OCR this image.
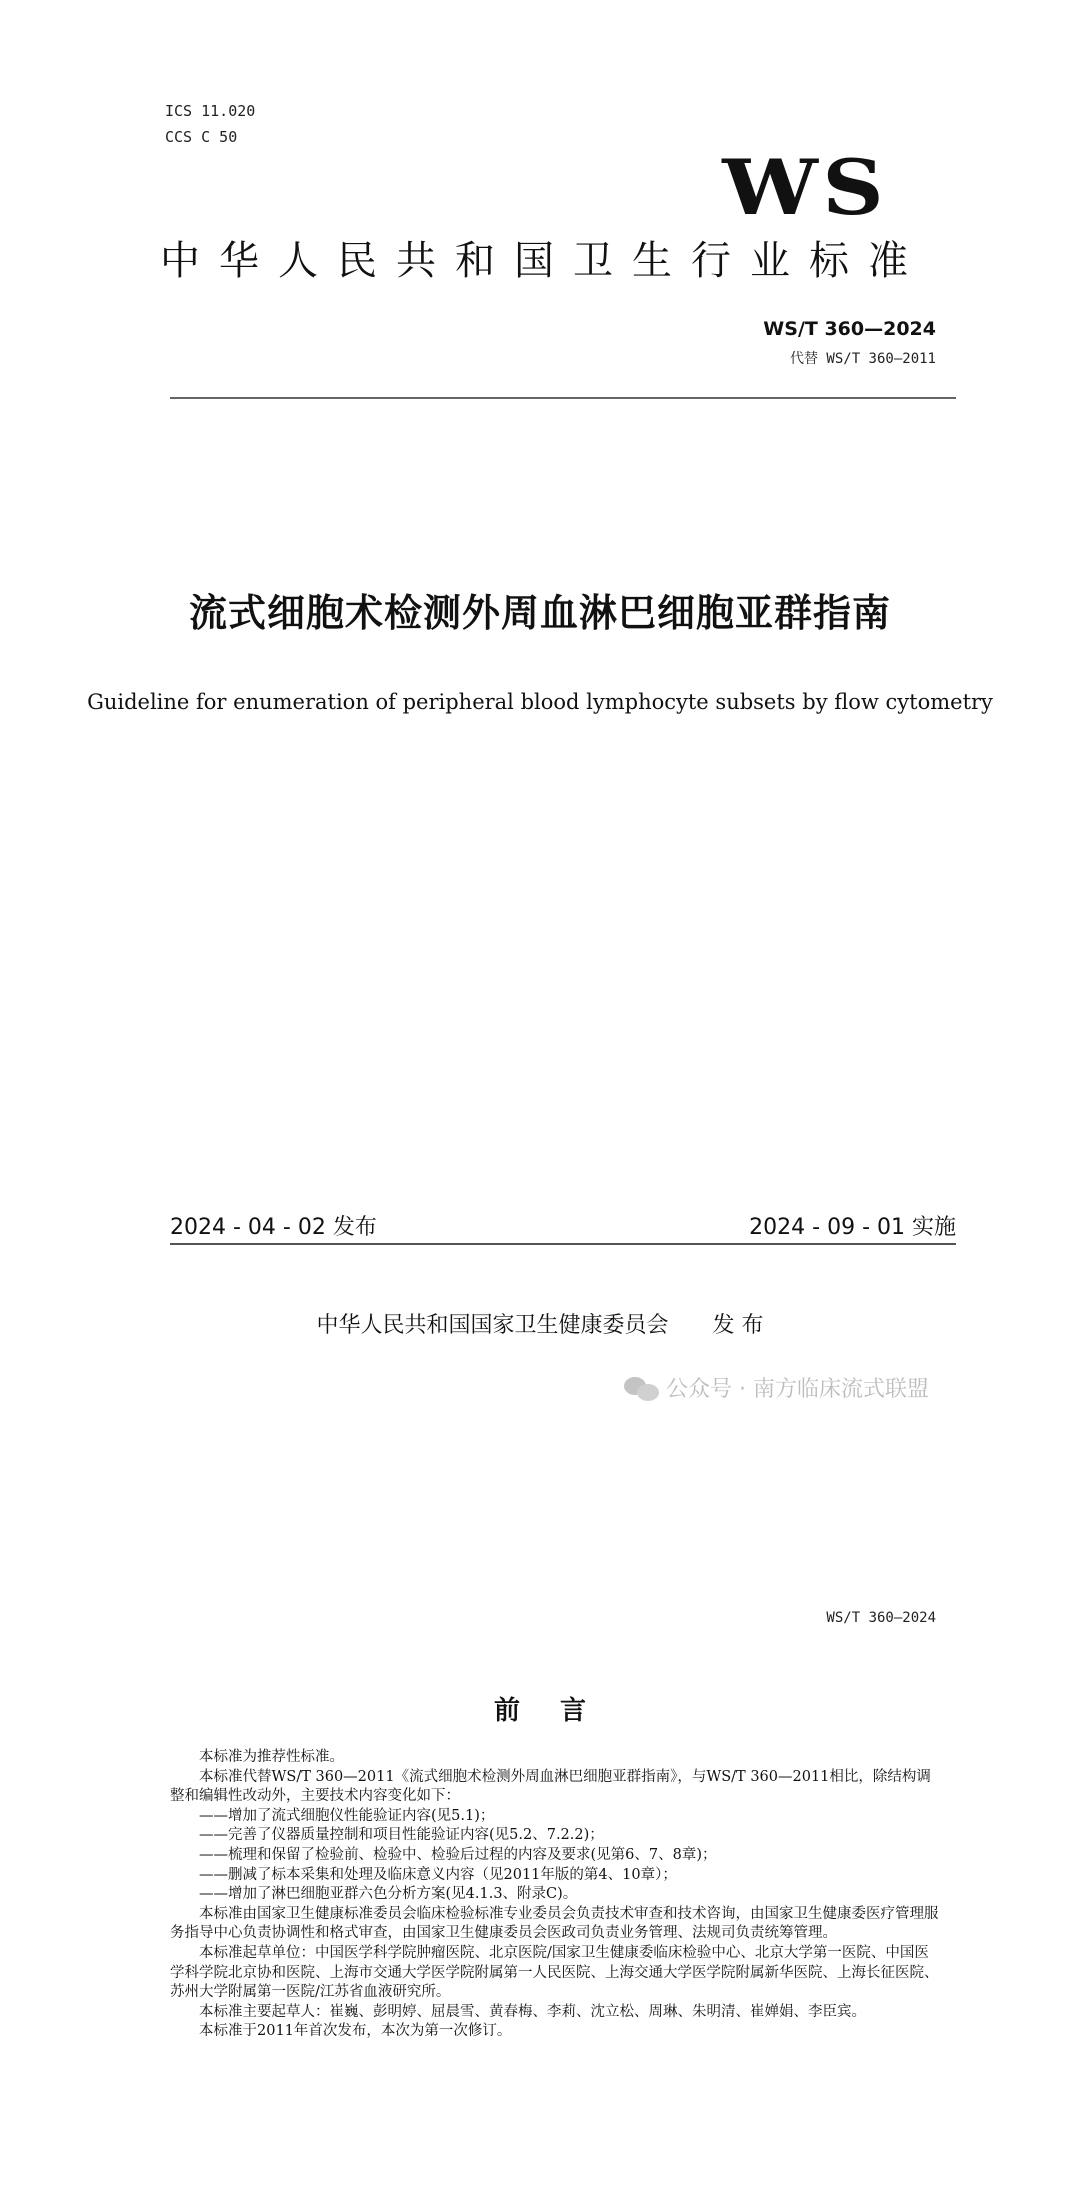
ICS 11.020
CCS C 50
WS
中华人民共和国卫生行业标准
WS/T 360—2024
代替 WS/T 360—2011
流式细胞术检测外周血淋巴细胞亚群指南
Guideline for enumeration of peripheral blood lymphocyte subsets by flow cytometry
2024 - 04 - 02 发布	2024 - 09 - 01 实施
中华人民共和国国家卫生健康委员会 发 布
公众号 · 南方临床流式联盟
WS/T 360—2024
前言

本标准为推荐性标准。

本标准代替WS/T 360—2011《流式细胞术检测外周血淋巴细胞亚群指南》，与WS/T 360—2011相比，除结构调整和编辑性改动外，主要技术内容变化如下：

——增加了流式细胞仪性能验证内容(见5.1)；

——完善了仪器质量控制和项目性能验证内容(见5.2、7.2.2)；

——梳理和保留了检验前、检验中、检验后过程的内容及要求(见第6、7、8章)；

——删减了标本采集和处理及临床意义内容（见2011年版的第4、10章）；

——增加了淋巴细胞亚群六色分析方案(见4.1.3、附录C)。

本标准由国家卫生健康标准委员会临床检验标准专业委员会负责技术审查和技术咨询，由国家卫生健康委医疗管理服务指导中心负责协调性和格式审查，由国家卫生健康委员会医政司负责业务管理、法规司负责统筹管理。

本标准起草单位：中国医学科学院肿瘤医院、北京医院/国家卫生健康委临床检验中心、北京大学第一医院、中国医学科学院北京协和医院、上海市交通大学医学院附属第一人民医院、上海交通大学医学院附属新华医院、上海长征医院、苏州大学附属第一医院/江苏省血液研究所。

本标准主要起草人：崔巍、彭明婷、屈晨雪、黄春梅、李莉、沈立松、周琳、朱明清、崔婵娟、李臣宾。

本标准于2011年首次发布，本次为第一次修订。
